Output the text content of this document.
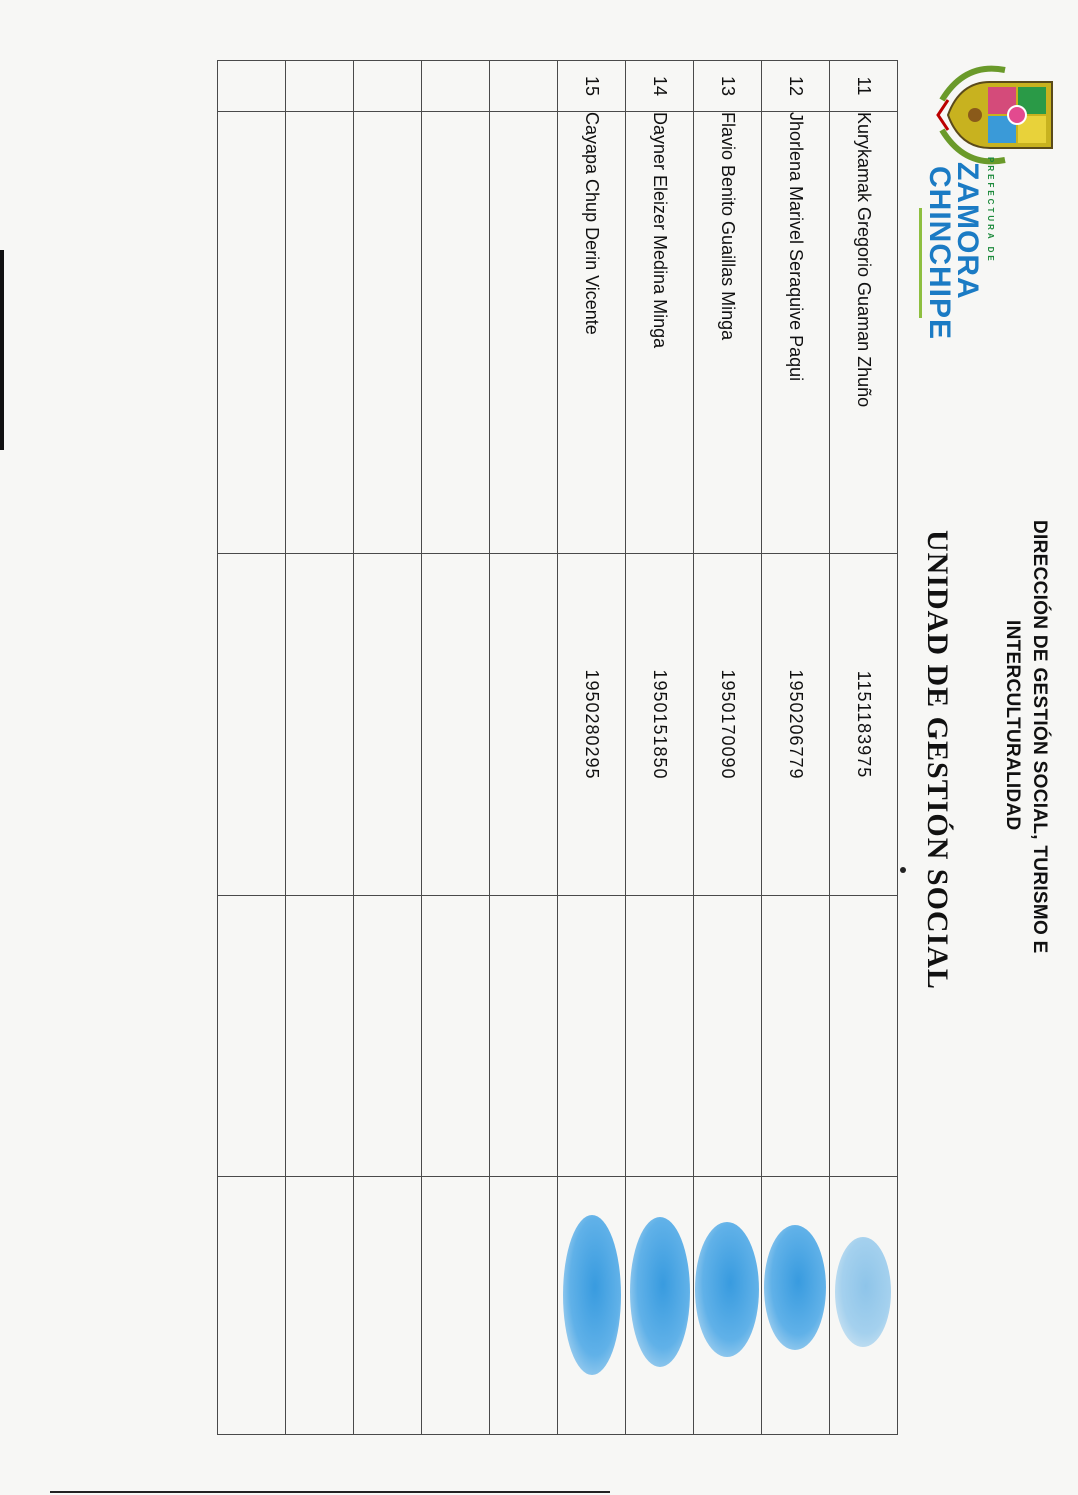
PREFECTURA DE
ZAMORA
CHINCHIPE
DIRECCIÓN DE GESTIÓN SOCIAL, TURISMO E
INTERCULTURALIDAD
UNIDAD DE GESTIÓN SOCIAL
11	Kurykamak Gregorio Guaman Zhuño	1151183975		

12	Jhorlena Marivel Seraquive Paqui	1950206779		

13	Flavio Benito Guaillas Minga	1950170090		

14	Dayner Eleizer Medina Minga	1950151850		

15	Cayapa Chup Derin Vicente	1950280295		
